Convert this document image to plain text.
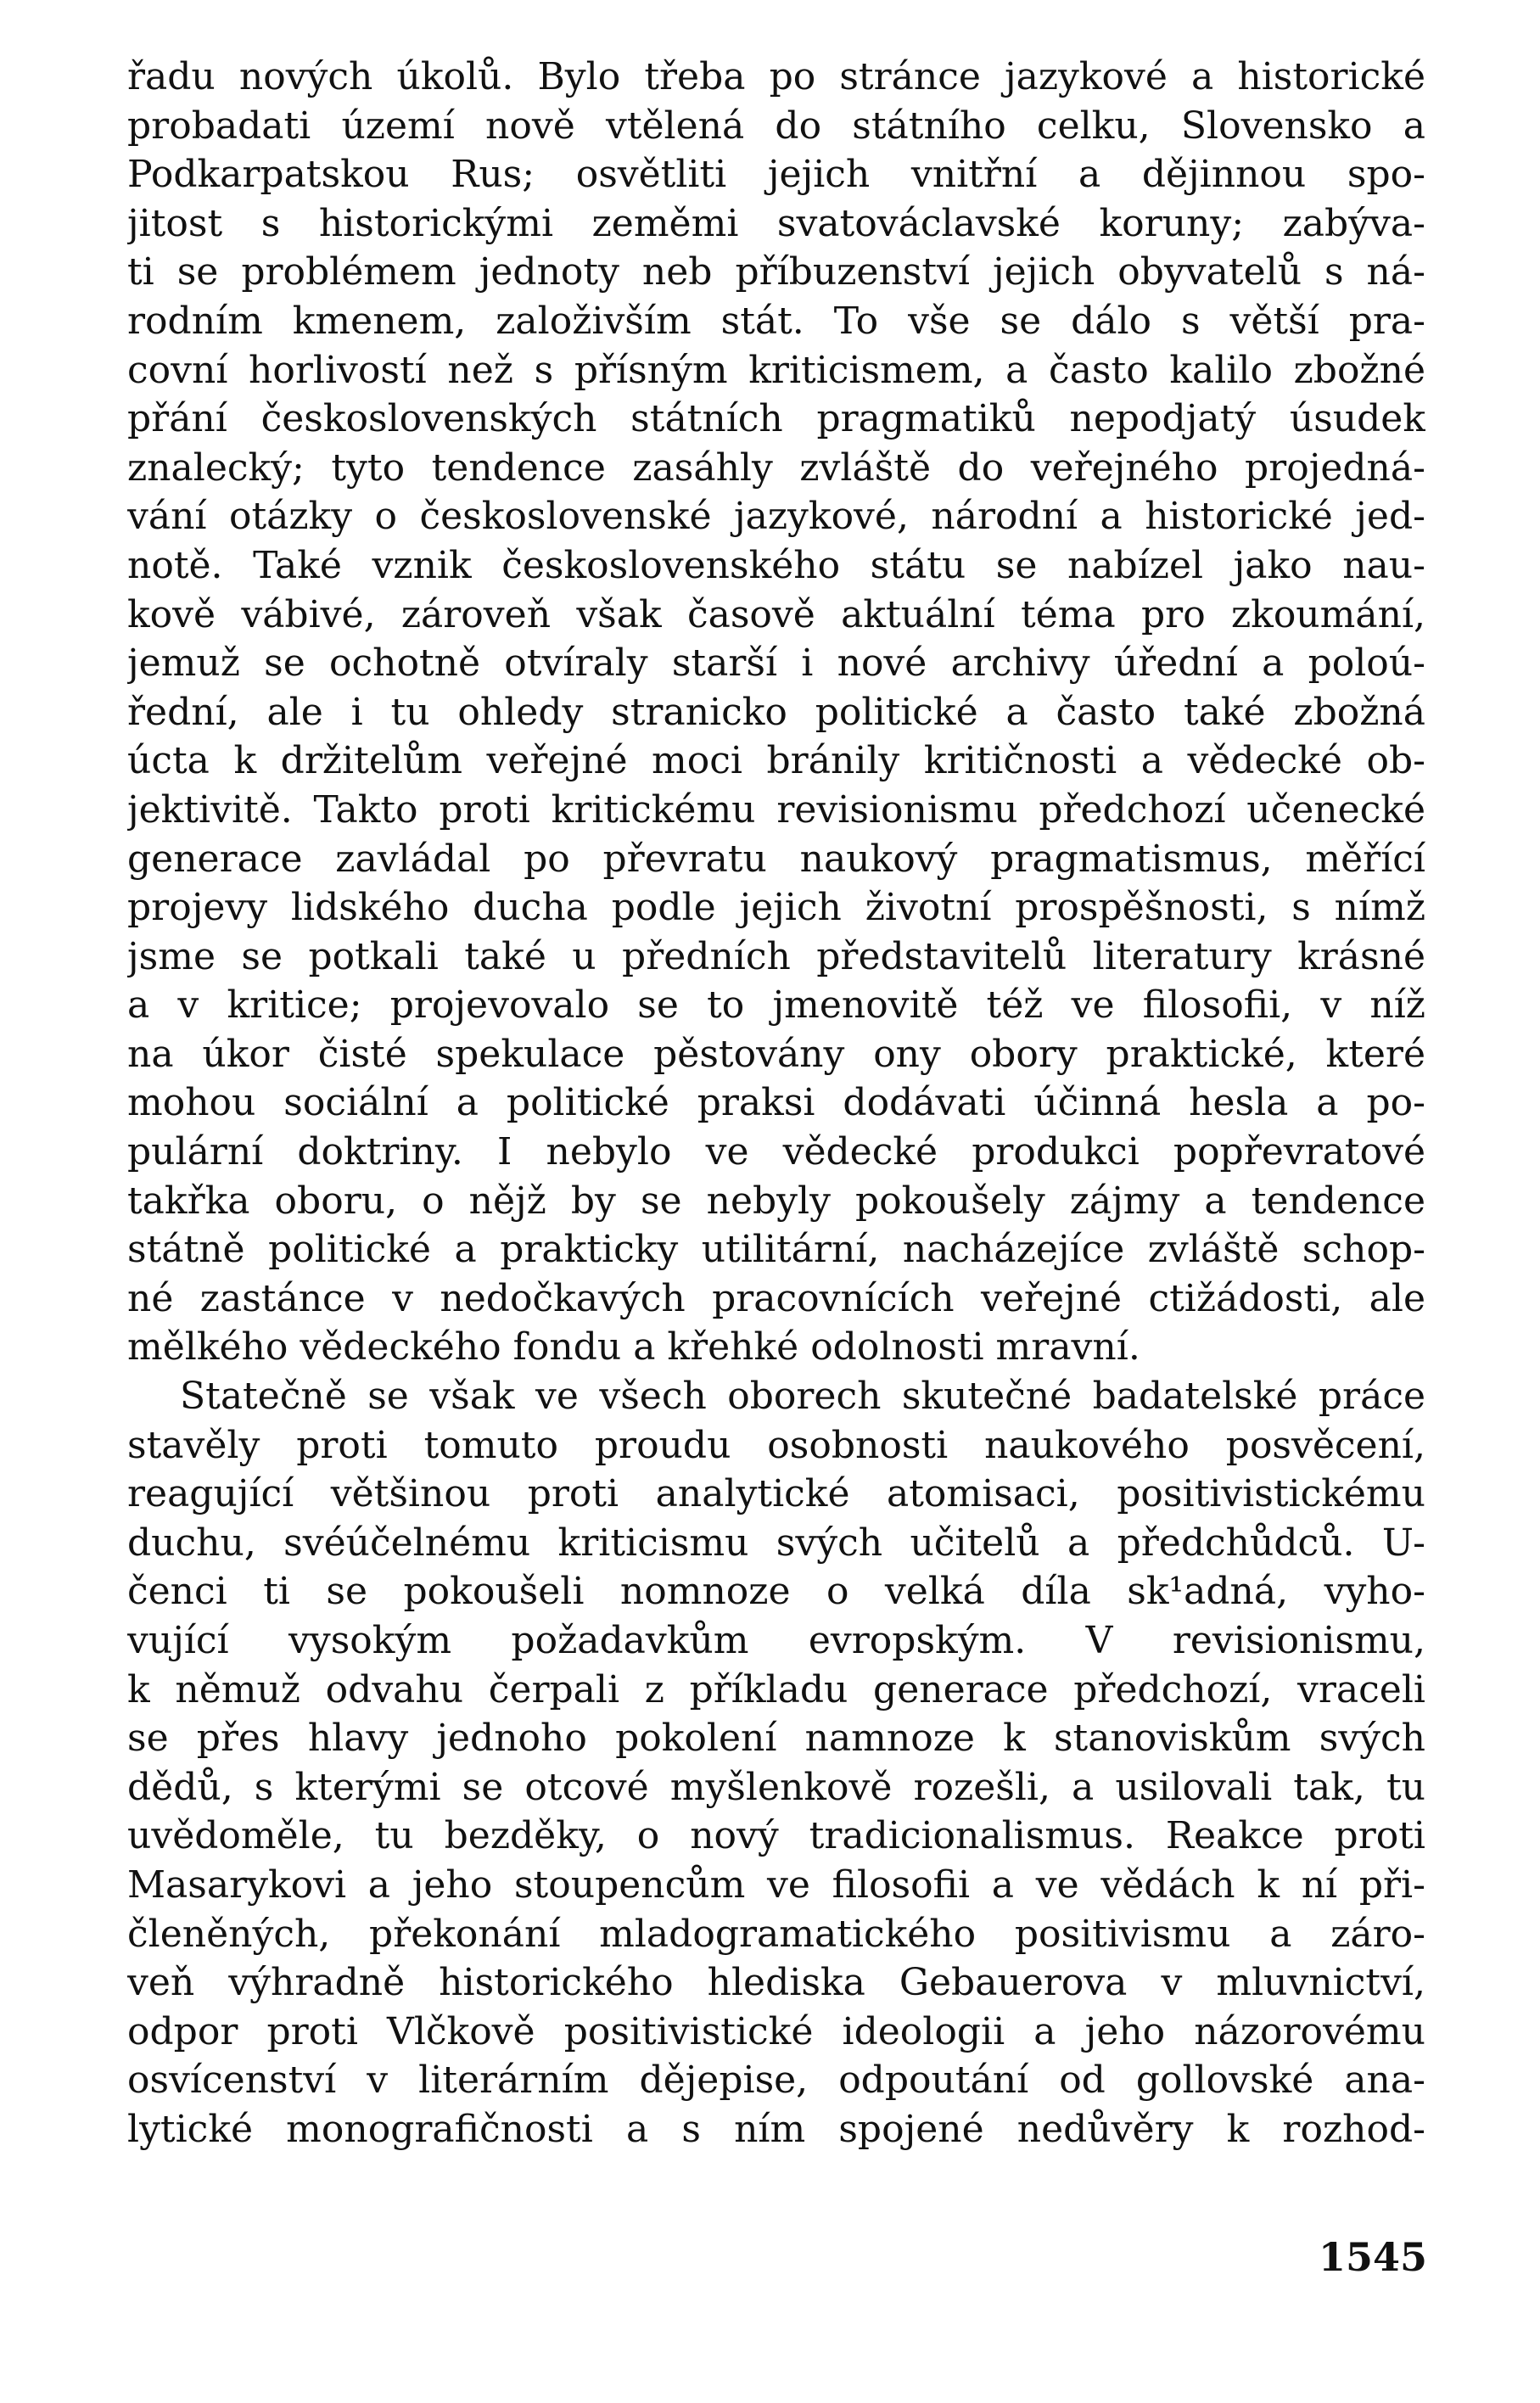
řadu nových úkolů. Bylo třeba po stránce jazykové a historické
probadati území nově vtělená do státního celku, Slovensko a
Podkarpatskou Rus; osvětliti jejich vnitřní a dějinnou spo-
jitost s historickými zeměmi svatováclavské koruny; zabýva-
ti se problémem jednoty neb příbuzenství jejich obyvatelů s ná-
rodním kmenem, založivším stát. To vše se dálo s větší pra-
covní horlivostí než s přísným kriticismem, a často kalilo zbožné
přání československých státních pragmatiků nepodjatý úsudek
znalecký; tyto tendence zasáhly zvláště do veřejného projedná-
vání otázky o československé jazykové, národní a historické jed-
notě. Také vznik československého státu se nabízel jako nau-
kově vábivé, zároveň však časově aktuální téma pro zkoumání,
jemuž se ochotně otvíraly starší i nové archivy úřední a poloú-
řední, ale i tu ohledy stranicko politické a často také zbožná
úcta k držitelům veřejné moci bránily kritičnosti a vědecké ob-
jektivitě. Takto proti kritickému revisionismu předchozí učenecké
generace zavládal po převratu naukový pragmatismus, měřící
projevy lidského ducha podle jejich životní prospěšnosti, s nímž
jsme se potkali také u předních představitelů literatury krásné
a v kritice; projevovalo se to jmenovitě též ve filosofii, v níž
na úkor čisté spekulace pěstovány ony obory praktické, které
mohou sociální a politické praksi dodávati účinná hesla a po-
pulární doktriny. I nebylo ve vědecké produkci popřevratové
takřka oboru, o nějž by se nebyly pokoušely zájmy a tendence
státně politické a prakticky utilitární, nacházejíce zvláště schop-
né zastánce v nedočkavých pracovnících veřejné ctižádosti, ale
mělkého vědeckého fondu a křehké odolnosti mravní.
Statečně se však ve všech oborech skutečné badatelské práce
stavěly proti tomuto proudu osobnosti naukového posvěcení,
reagující většinou proti analytické atomisaci, positivistickému
duchu, svéúčelnému kriticismu svých učitelů a předchůdců. U-
čenci ti se pokoušeli nomnoze o velká díla sk¹adná, vyho-
vující vysokým požadavkům evropským. V revisionismu,
k němuž odvahu čerpali z příkladu generace předchozí, vraceli
se přes hlavy jednoho pokolení namnoze k stanoviskům svých
dědů, s kterými se otcové myšlenkově rozešli, a usilovali tak, tu
uvědoměle, tu bezděky, o nový tradicionalismus. Reakce proti
Masarykovi a jeho stoupencům ve filosofii a ve vědách k ní při-
členěných, překonání mladogramatického positivismu a záro-
veň výhradně historického hlediska Gebauerova v mluvnictví,
odpor proti Vlčkově positivistické ideologii a jeho názorovému
osvícenství v literárním dějepise, odpoutání od gollovské ana-
lytické monografičnosti a s ním spojené nedůvěry k rozhod-
1545
